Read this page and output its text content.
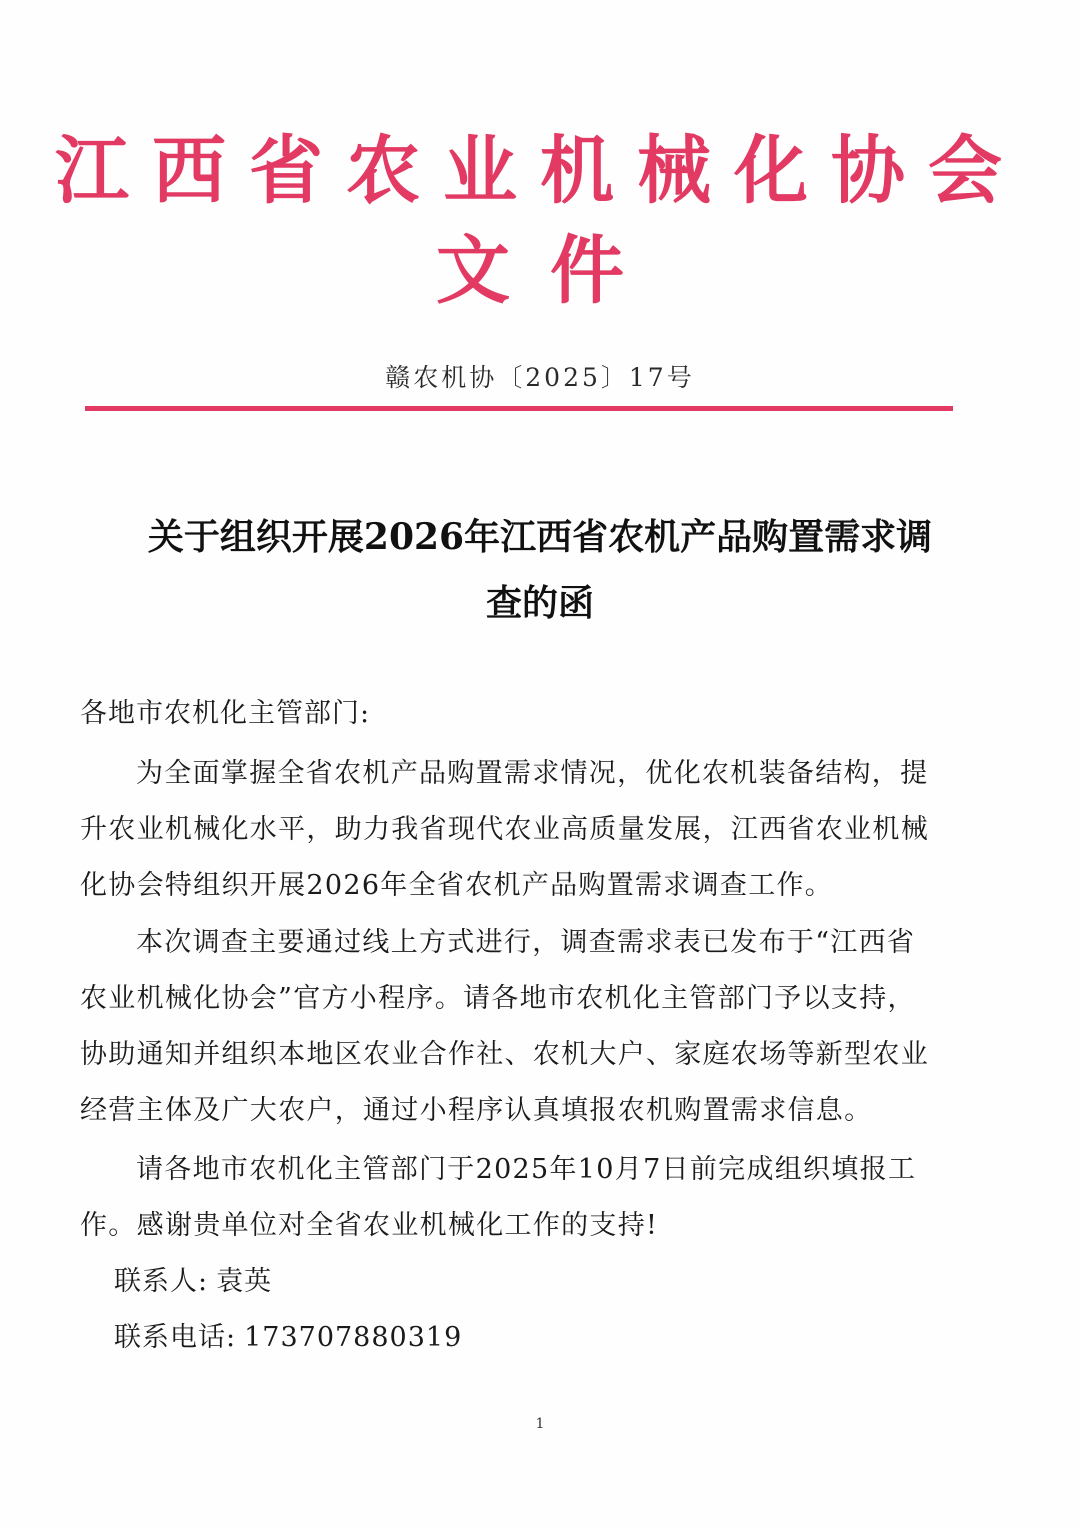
江西省农业机械化协会
文件
赣农机协〔2025〕17号
关于组织开展2026年江西省农机产品购置需求调
查的函
各地市农机化主管部门:
为全面掌握全省农机产品购置需求情况，优化农机装备结构，提
升农业机械化水平，助力我省现代农业高质量发展，江西省农业机械
化协会特组织开展2026年全省农机产品购置需求调查工作。
本次调查主要通过线上方式进行，调查需求表已发布于“江西省
农业机械化协会”官方小程序。请各地市农机化主管部门予以支持，
协助通知并组织本地区农业合作社、农机大户、家庭农场等新型农业
经营主体及广大农户，通过小程序认真填报农机购置需求信息。
请各地市农机化主管部门于2025年10月7日前完成组织填报工
作。感谢贵单位对全省农业机械化工作的支持!
联系人: 袁英
联系电话: 173707880319
1
